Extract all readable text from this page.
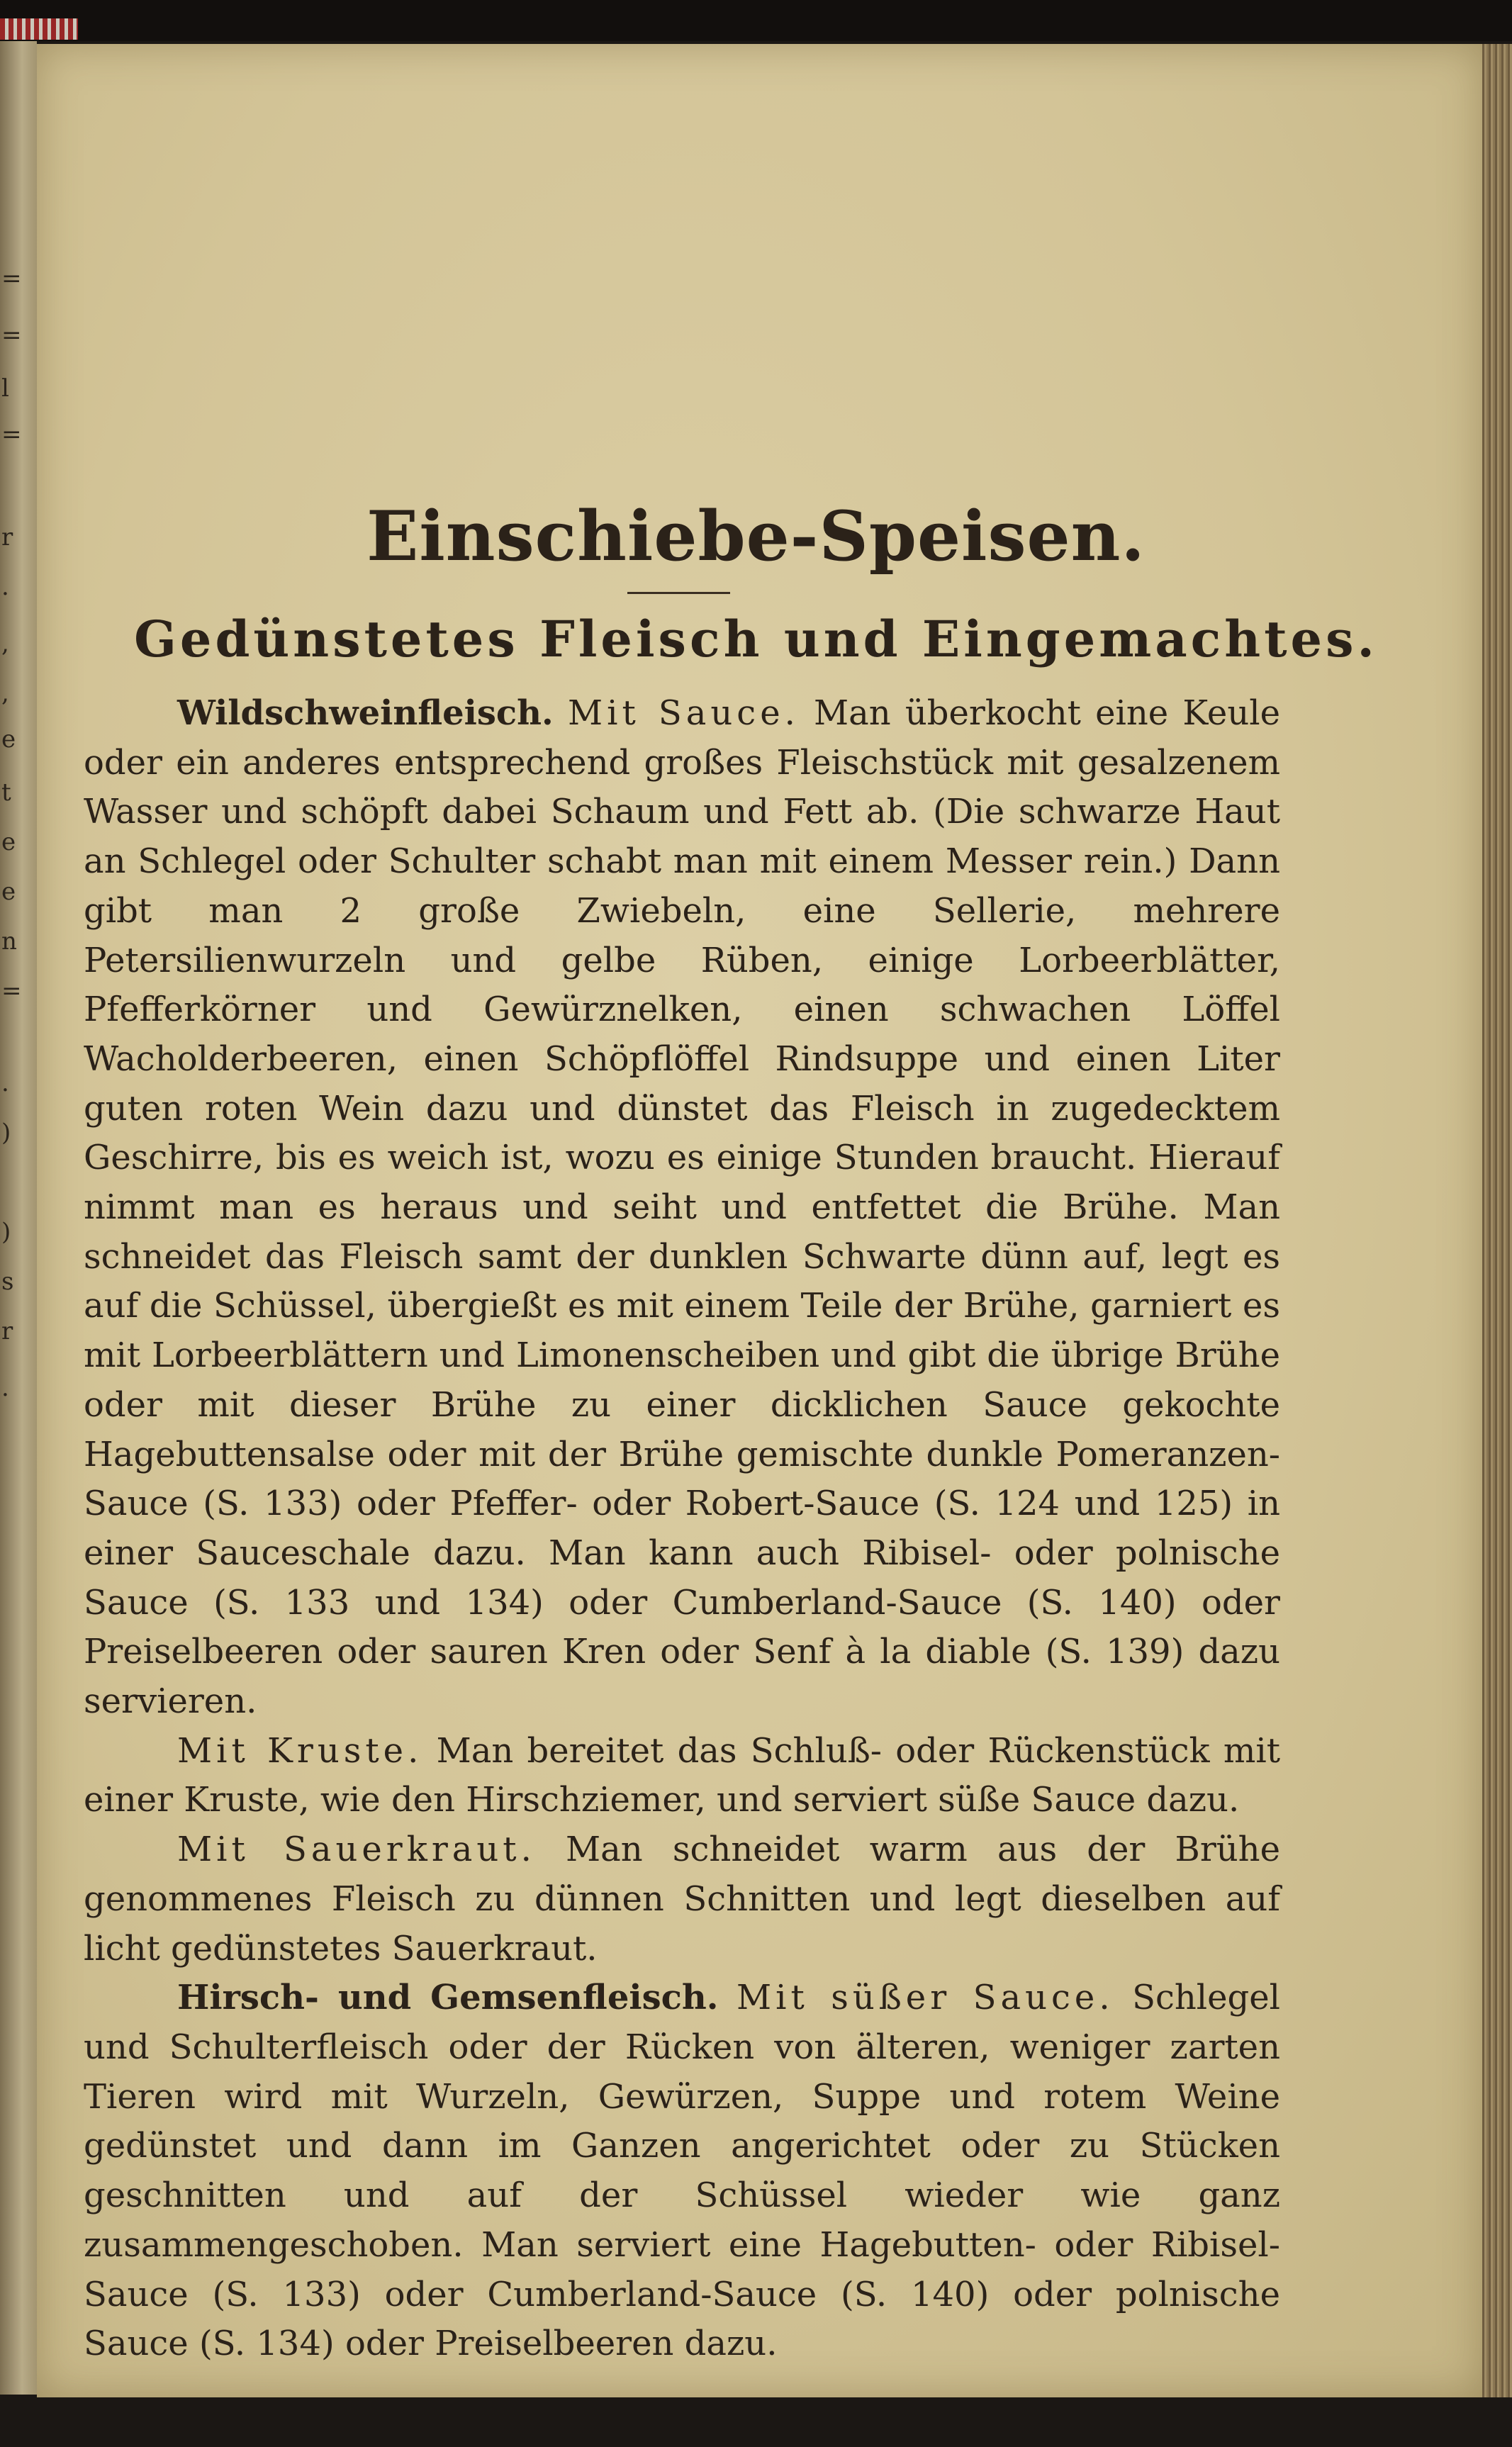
=
=
l
=
r
.
,
,
e
t
e
e
n
=
.
)
)
s
r
.
Einschiebe-Speisen.
Gedünstetes Fleisch und Eingemachtes.

Wildschweinfleisch. Mit Sauce. Man überkocht eine Keule oder ein anderes entsprechend großes Fleischstück mit gesalzenem Wasser und schöpft dabei Schaum und Fett ab. (Die schwarze Haut an Schlegel oder Schulter schabt man mit einem Messer rein.) Dann gibt man 2 große Zwiebeln, eine Sellerie, mehrere Petersilienwurzeln und gelbe Rüben, einige Lorbeerblätter, Pfefferkörner und Gewürznelken, einen schwachen Löffel Wacholderbeeren, einen Schöpflöffel Rindsuppe und einen Liter guten roten Wein dazu und dünstet das Fleisch in zugedecktem Geschirre, bis es weich ist, wozu es einige Stunden braucht. Hierauf nimmt man es heraus und seiht und entfettet die Brühe. Man schneidet das Fleisch samt der dunklen Schwarte dünn auf, legt es auf die Schüssel, übergießt es mit einem Teile der Brühe, garniert es mit Lorbeerblättern und Limonenscheiben und gibt die übrige Brühe oder mit dieser Brühe zu einer dicklichen Sauce gekochte Hagebuttensalse oder mit der Brühe gemischte dunkle Pomeranzen-Sauce (S. 133) oder Pfeffer- oder Robert-Sauce (S. 124 und 125) in einer Sauceschale dazu. Man kann auch Ribisel- oder polnische Sauce (S. 133 und 134) oder Cumberland-Sauce (S. 140) oder Preiselbeeren oder sauren Kren oder Senf à la diable (S. 139) dazu servieren.

Mit Kruste. Man bereitet das Schluß- oder Rückenstück mit einer Kruste, wie den Hirschziemer, und serviert süße Sauce dazu.

Mit Sauerkraut. Man schneidet warm aus der Brühe genommenes Fleisch zu dünnen Schnitten und legt dieselben auf licht gedünstetes Sauerkraut.

Hirsch- und Gemsenfleisch. Mit süßer Sauce. Schlegel und Schulterfleisch oder der Rücken von älteren, weniger zarten Tieren wird mit Wurzeln, Gewürzen, Suppe und rotem Weine gedünstet und dann im Ganzen angerichtet oder zu Stücken geschnitten und auf der Schüssel wieder wie ganz zusammengeschoben. Man serviert eine Hagebutten- oder Ribisel-Sauce (S. 133) oder Cumberland-Sauce (S. 140) oder polnische Sauce (S. 134) oder Preiselbeeren dazu.
